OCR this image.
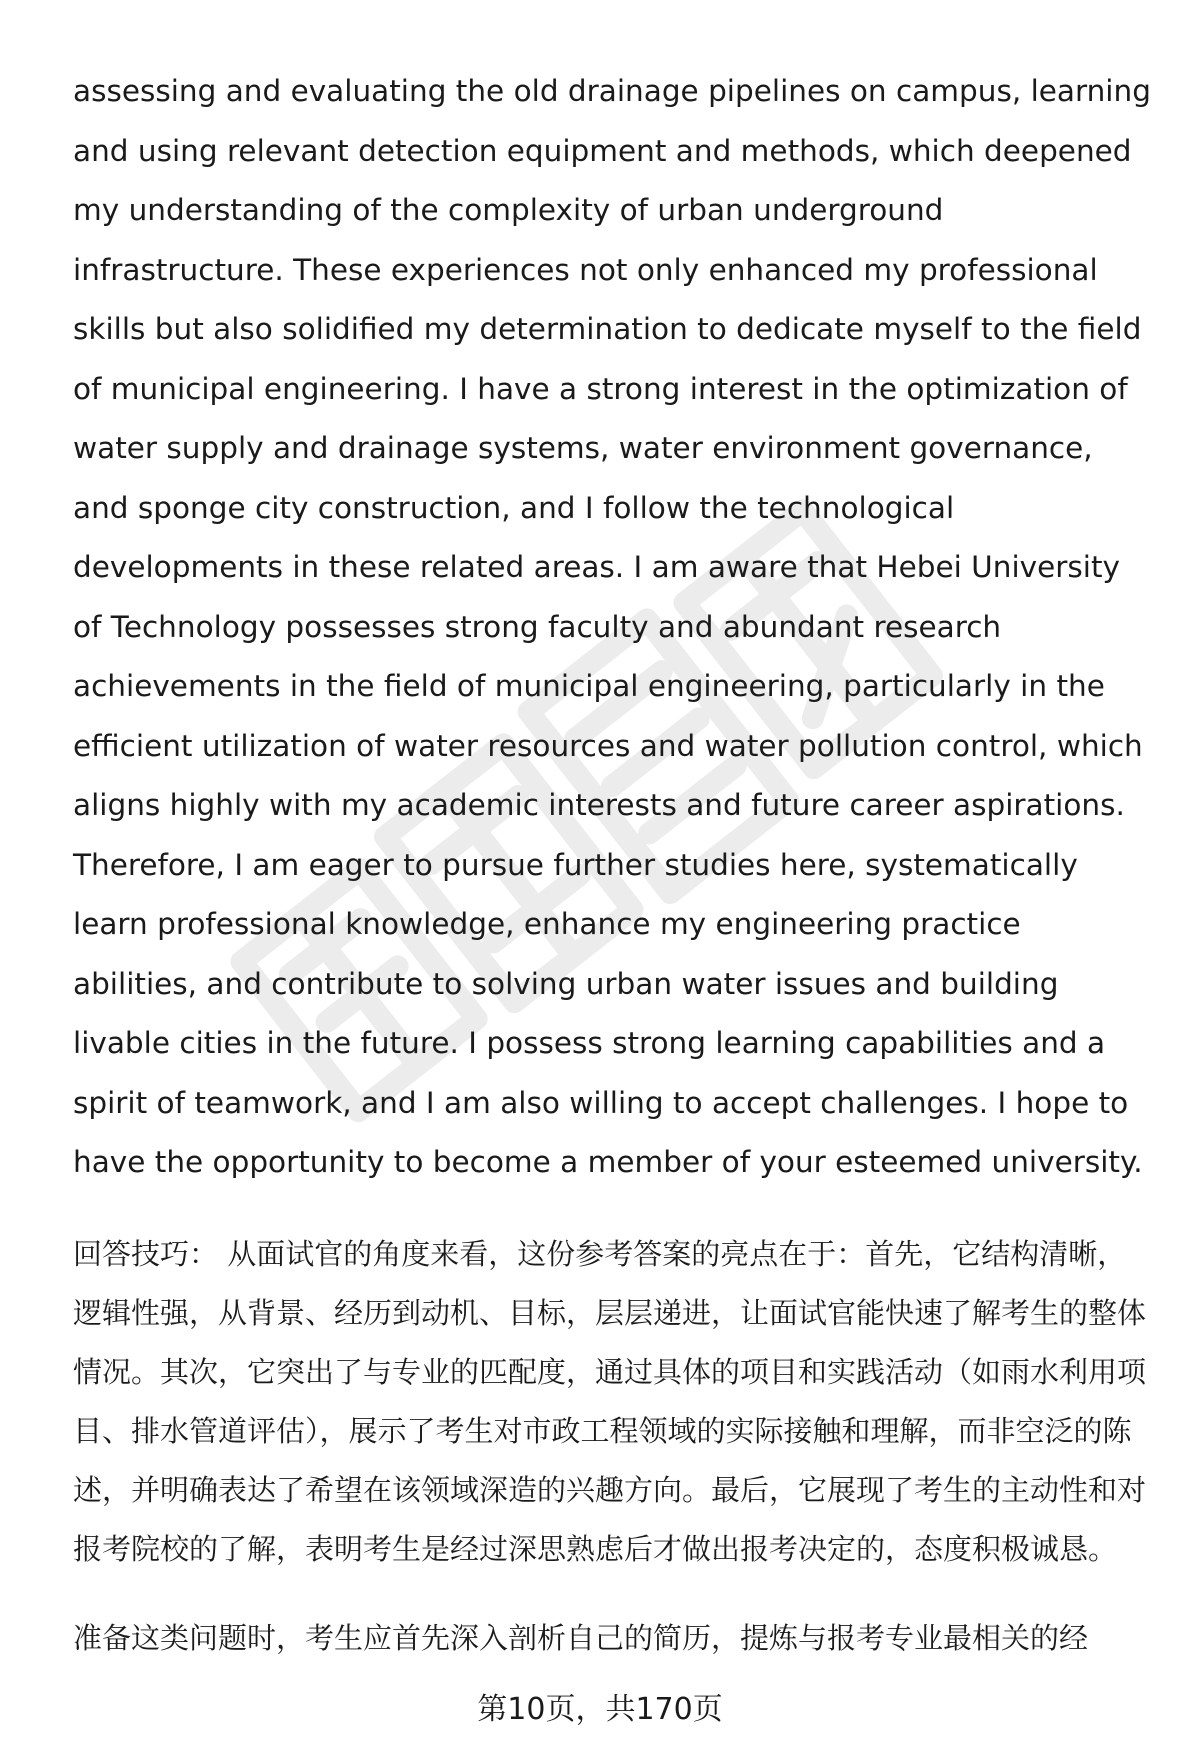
assessing and evaluating the old drainage pipelines on campus, learning and using relevant detection equipment and methods, which deepened my understanding of the complexity of urban underground infrastructure. These experiences not only enhanced my professional skills but also solidified my determination to dedicate myself to the field of municipal engineering. I have a strong interest in the optimization of water supply and drainage systems, water environment governance, and sponge city construction, and I follow the technological developments in these related areas. I am aware that Hebei University of Technology possesses strong faculty and abundant research achievements in the field of municipal engineering, particularly in the efficient utilization of water resources and water pollution control, which aligns highly with my academic interests and future career aspirations. Therefore, I am eager to pursue further studies here, systematically learn professional knowledge, enhance my engineering practice abilities, and contribute to solving urban water issues and building livable cities in the future. I possess strong learning capabilities and a spirit of teamwork, and I am also willing to accept challenges. I hope to have the opportunity to become a member of your esteemed university.

回答技巧： 从面试官的角度来看，这份参考答案的亮点在于：首先，它结构清晰，逻辑性强，从背景、经历到动机、目标，层层递进，让面试官能快速了解考生的整体情况。其次，它突出了与专业的匹配度，通过具体的项目和实践活动（如雨水利用项目、排水管道评估），展示了考生对市政工程领域的实际接触和理解，而非空泛的陈述，并明确表达了希望在该领域深造的兴趣方向。最后，它展现了考生的主动性和对报考院校的了解，表明考生是经过深思熟虑后才做出报考决定的，态度积极诚恳。

准备这类问题时，考生应首先深入剖析自己的简历，提炼与报考专业最相关的经

第10页，共170页
